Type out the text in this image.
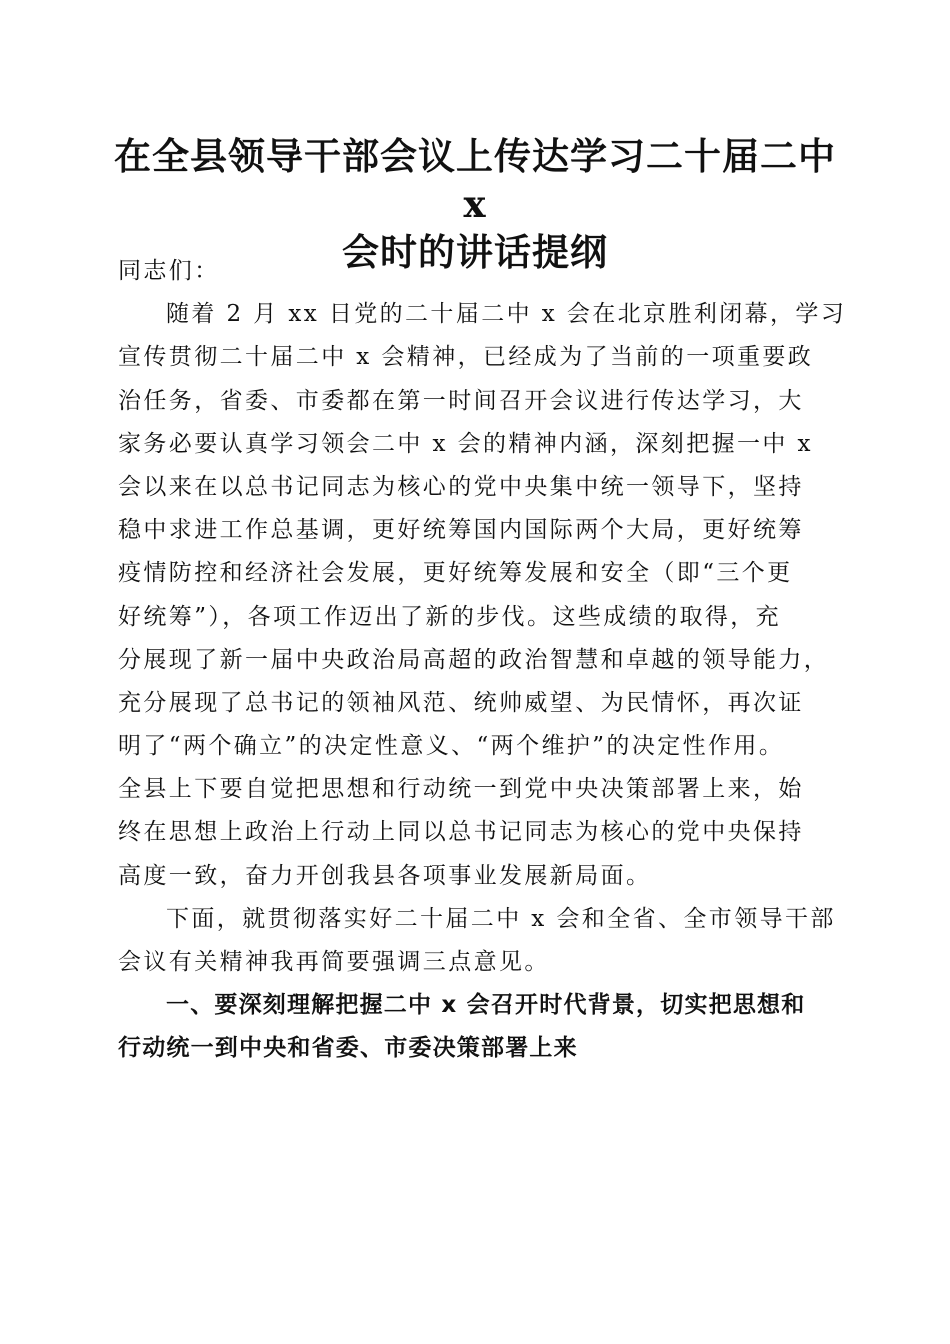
在全县领导干部会议上传达学习二十届二中 x
会时的讲话提纲
同志们：
随着 2 月 xx 日党的二十届二中 x 会在北京胜利闭幕，学习
宣传贯彻二十届二中 x 会精神，已经成为了当前的一项重要政
治任务，省委、市委都在第一时间召开会议进行传达学习，大
家务必要认真学习领会二中 x 会的精神内涵，深刻把握一中 x
会以来在以总书记同志为核心的党中央集中统一领导下，坚持
稳中求进工作总基调，更好统筹国内国际两个大局，更好统筹
疫情防控和经济社会发展，更好统筹发展和安全（即“三个更
好统筹”），各项工作迈出了新的步伐。这些成绩的取得，充
分展现了新一届中央政治局高超的政治智慧和卓越的领导能力，
充分展现了总书记的领袖风范、统帅威望、为民情怀，再次证
明了“两个确立”的决定性意义、“两个维护”的决定性作用。
全县上下要自觉把思想和行动统一到党中央决策部署上来，始
终在思想上政治上行动上同以总书记同志为核心的党中央保持
高度一致，奋力开创我县各项事业发展新局面。
下面，就贯彻落实好二十届二中 x 会和全省、全市领导干部
会议有关精神我再简要强调三点意见。
一、要深刻理解把握二中 x 会召开时代背景，切实把思想和
行动统一到中央和省委、市委决策部署上来
